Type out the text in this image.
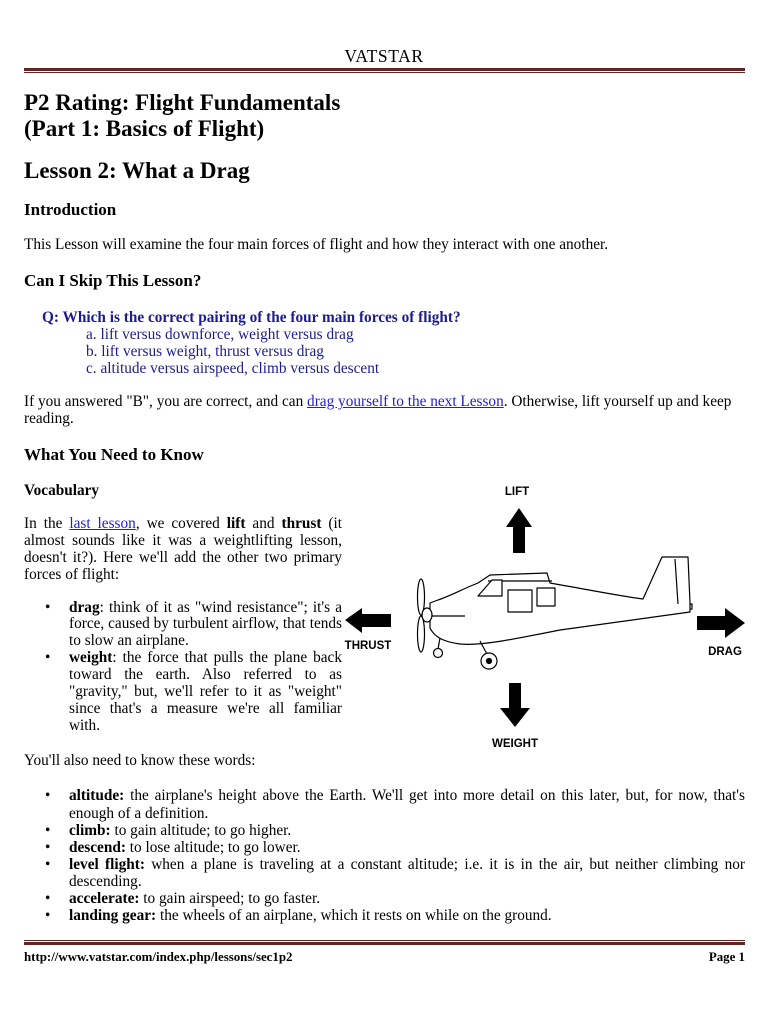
VATSTAR
P2 Rating: Flight Fundamentals
(Part 1: Basics of Flight)
Lesson 2: What a Drag
Introduction
This Lesson will examine the four main forces of flight and how they interact with one another.
Can I Skip This Lesson?
Q: Which is the correct pairing of the four main forces of flight?
a. lift versus downforce, weight versus drag
b. lift versus weight, thrust versus drag
c. altitude versus airspeed, climb versus descent
If you answered "B", you are correct, and can drag yourself to the next Lesson. Otherwise, lift yourself up and keep reading.
What You Need to Know
Vocabulary
In the last lesson, we covered lift and thrust (it almost sounds like it was a weightlifting lesson, doesn't it?). Here we'll add the other two primary forces of flight:
• drag: think of it as "wind resistance"; it's a force, caused by turbulent airflow, that tends to slow an airplane.
• weight: the force that pulls the plane back toward the earth. Also referred to as "gravity," but, we'll refer to it as "weight" since that's a measure we're all familiar with.
LIFT
THRUST	DRAG
WEIGHT
You'll also need to know these words:
• altitude: the airplane's height above the Earth. We'll get into more detail on this later, but, for now, that's enough of a definition.
• climb: to gain altitude; to go higher.
• descend: to lose altitude; to go lower.
• level flight: when a plane is traveling at a constant altitude; i.e. it is in the air, but neither climbing nor descending.
• accelerate: to gain airspeed; to go faster.
• landing gear: the wheels of an airplane, which it rests on while on the ground.
http://www.vatstar.com/index.php/lessons/sec1p2	Page 1
